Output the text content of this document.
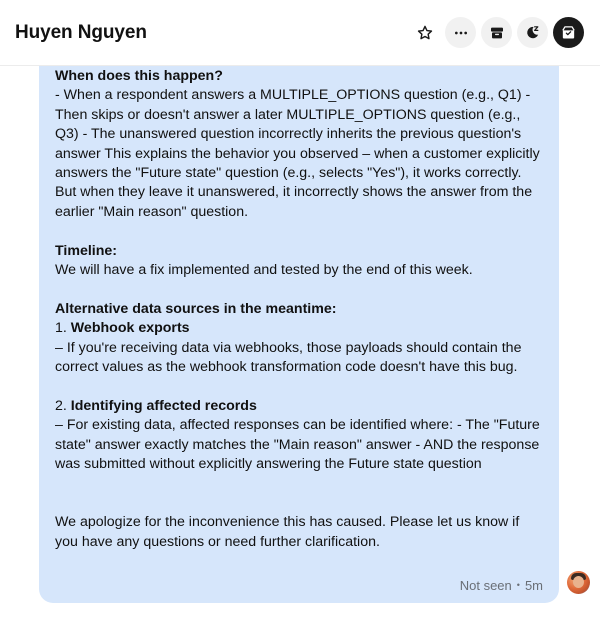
Huyen Nguyen

When does this happen?

- When a respondent answers a MULTIPLE_OPTIONS question (e.g., Q1) - Then skips or doesn't answer a later MULTIPLE_OPTIONS question (e.g., Q3) - The unanswered question incorrectly inherits the previous question's answer This explains the behavior you observed – when a customer explicitly answers the "Future state" question (e.g., selects "Yes"), it works correctly. But when they leave it unanswered, it incorrectly shows the answer from the earlier "Main reason" question.

Timeline:

We will have a fix implemented and tested by the end of this week.

Alternative data sources in the meantime:

1. Webhook exports

– If you're receiving data via webhooks, those payloads should contain the correct values as the webhook transformation code doesn't have this bug.

2. Identifying affected records

– For existing data, affected responses can be identified where: - The "Future state" answer exactly matches the "Main reason" answer - AND the response was submitted without explicitly answering the Future state question

We apologize for the inconvenience this has caused. Please let us know if you have any questions or need further clarification.

Not seen • 5m
